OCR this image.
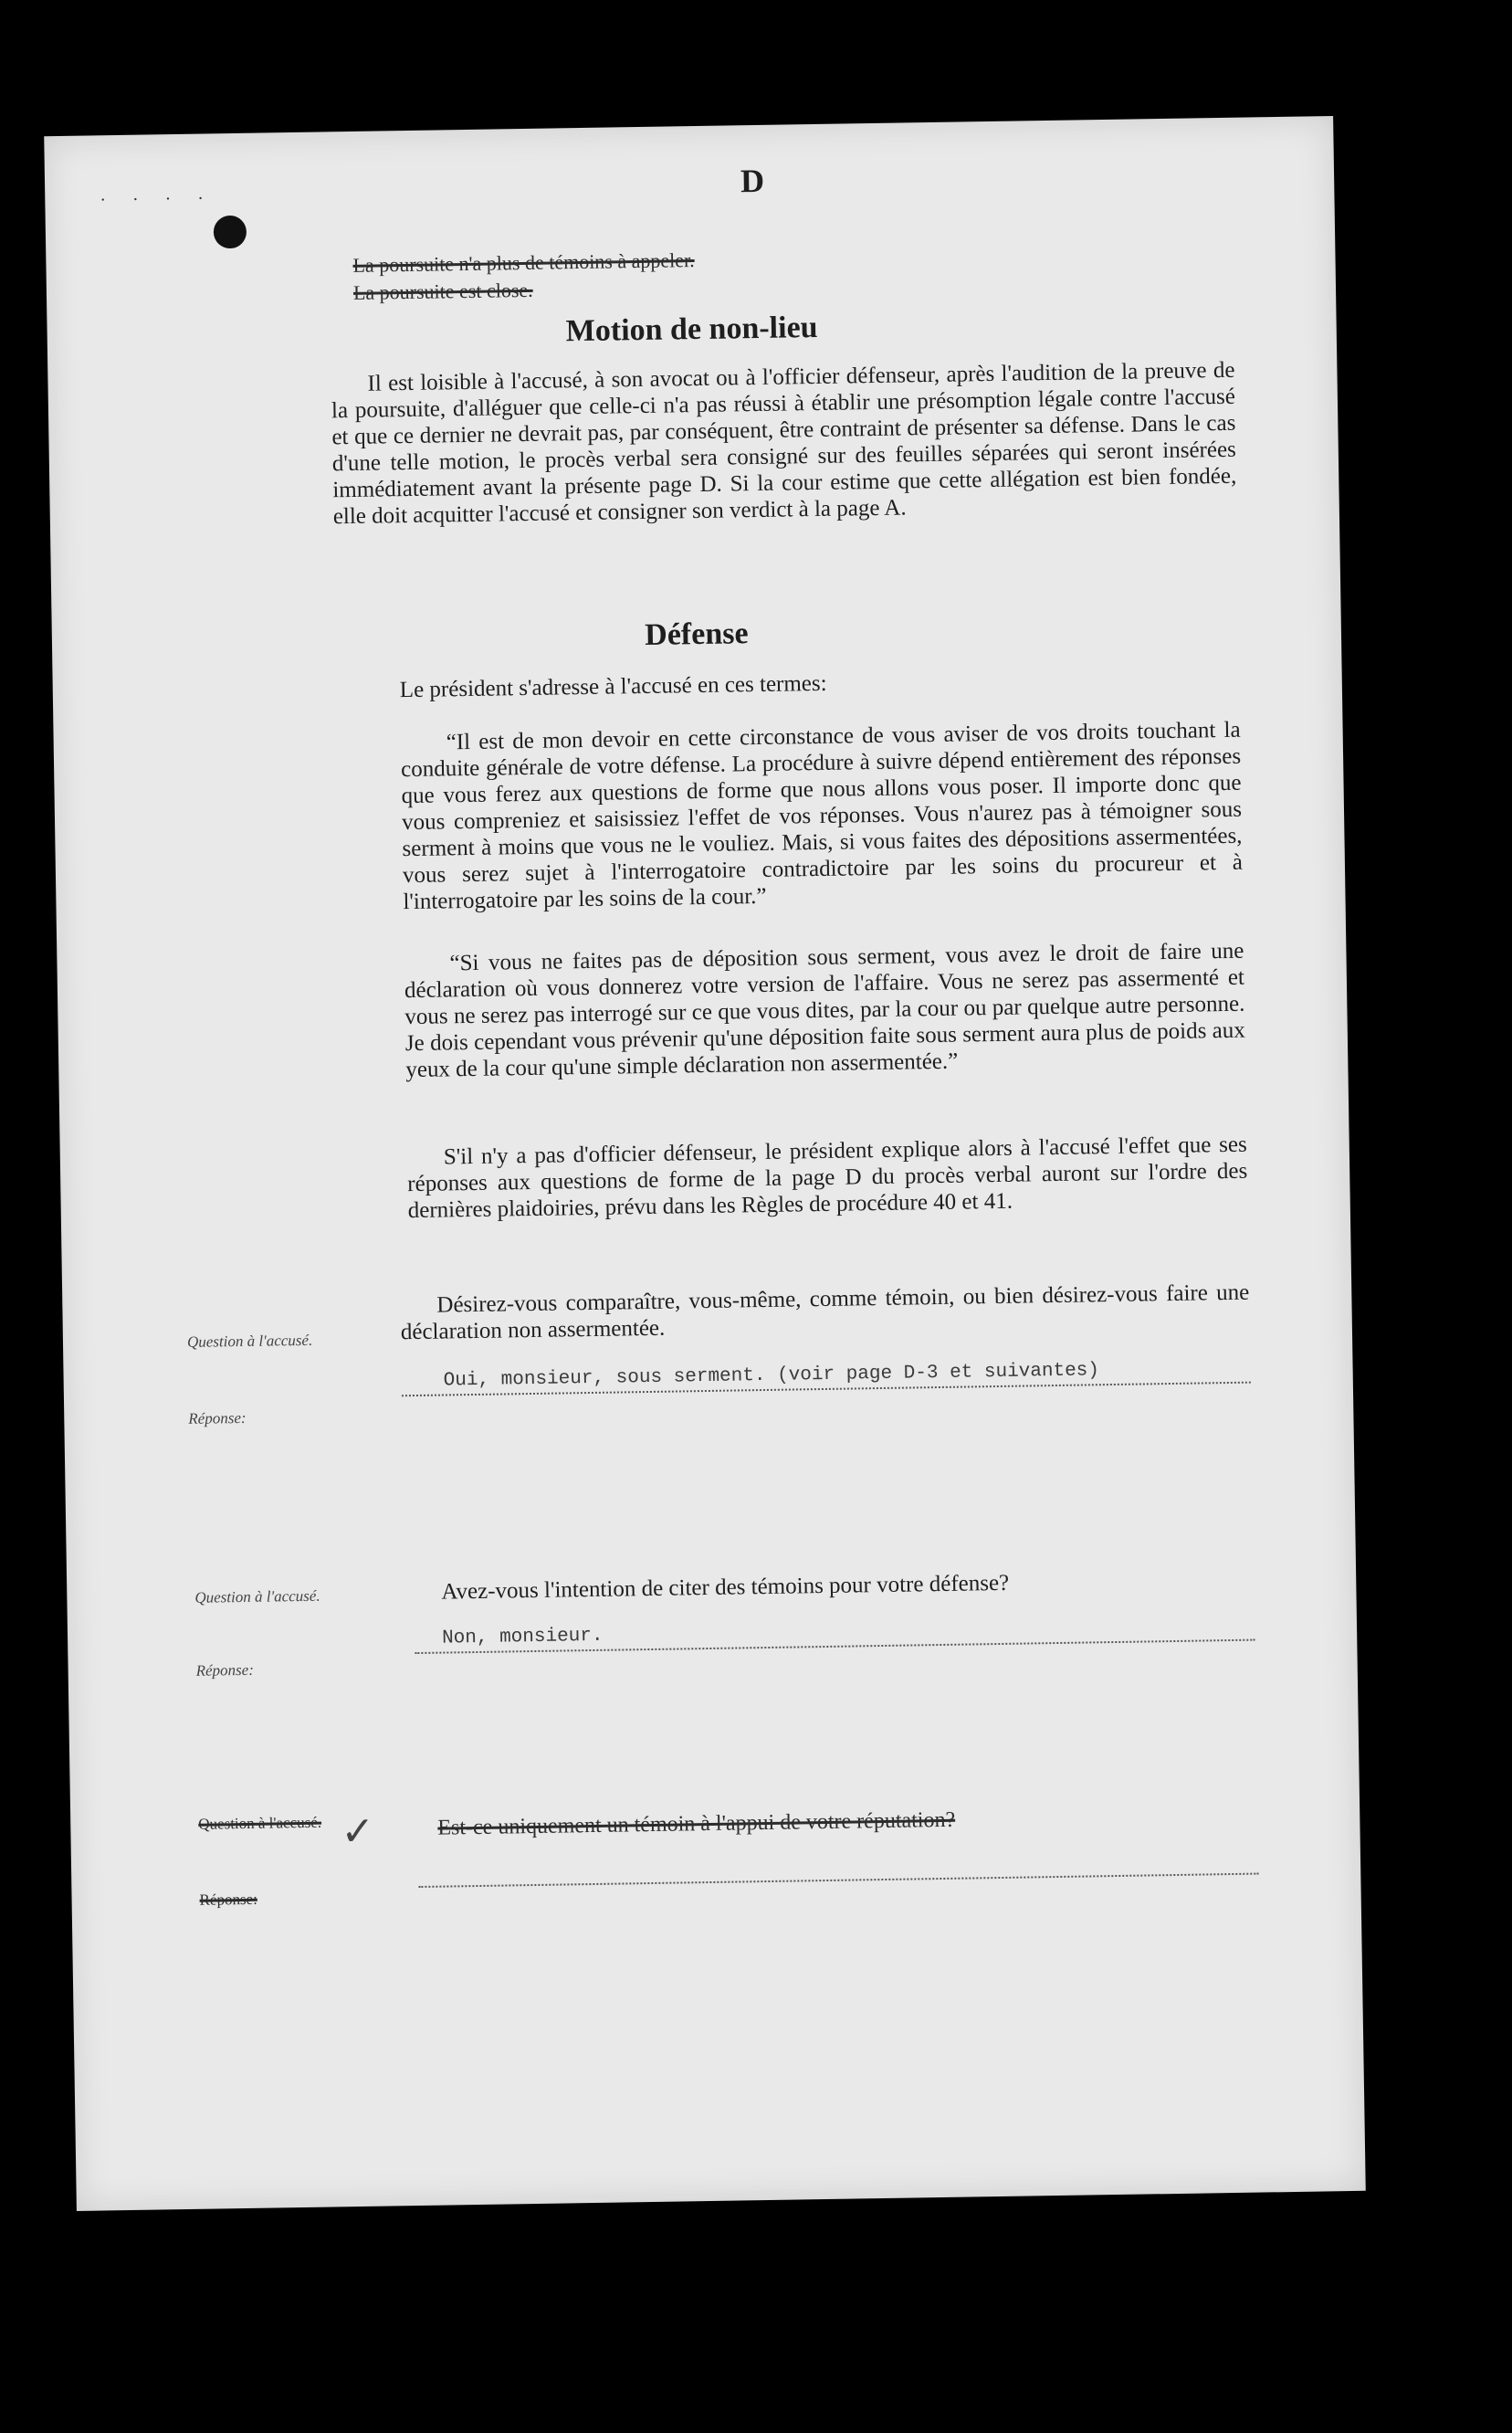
· · · ·
D
La poursuite n'a plus de témoins à appeler.
La poursuite est close.
Motion de non-lieu
Il est loisible à l'accusé, à son avocat ou à l'officier défenseur, après l'audition de la preuve de la poursuite, d'alléguer que celle-ci n'a pas réussi à établir une présomption légale contre l'accusé et que ce dernier ne devrait pas, par conséquent, être contraint de présenter sa défense. Dans le cas d'une telle motion, le procès verbal sera consigné sur des feuilles séparées qui seront insérées immédiatement avant la présente page D. Si la cour estime que cette allégation est bien fondée, elle doit acquitter l'accusé et consigner son verdict à la page A.
Défense
Le président s'adresse à l'accusé en ces termes:
“Il est de mon devoir en cette circonstance de vous aviser de vos droits touchant la conduite générale de votre défense. La procédure à suivre dépend entièrement des réponses que vous ferez aux questions de forme que nous allons vous poser. Il importe donc que vous compreniez et saisissiez l'effet de vos réponses. Vous n'aurez pas à témoigner sous serment à moins que vous ne le vouliez. Mais, si vous faites des dépositions assermentées, vous serez sujet à l'interrogatoire contradictoire par les soins du procureur et à l'interrogatoire par les soins de la cour.”
“Si vous ne faites pas de déposition sous serment, vous avez le droit de faire une déclaration où vous donnerez votre version de l'affaire. Vous ne serez pas assermenté et vous ne serez pas interrogé sur ce que vous dites, par la cour ou par quelque autre personne. Je dois cependant vous prévenir qu'une déposition faite sous serment aura plus de poids aux yeux de la cour qu'une simple déclaration non assermentée.”
S'il n'y a pas d'officier défenseur, le président explique alors à l'accusé l'effet que ses réponses aux questions de forme de la page D du procès verbal auront sur l'ordre des dernières plaidoiries, prévu dans les Règles de procédure 40 et 41.
Question à l'accusé.
Réponse:
Désirez-vous comparaître, vous-même, comme témoin, ou bien désirez-vous faire une déclaration non assermentée.
Oui, monsieur, sous serment. (voir page D-3 et suivantes)
Question à l'accusé.
Réponse:
Avez-vous l'intention de citer des témoins pour votre défense?
Non, monsieur.
Question à l'accusé.
Réponse:
✓	Est-ce uniquement un témoin à l'appui de votre réputation?
